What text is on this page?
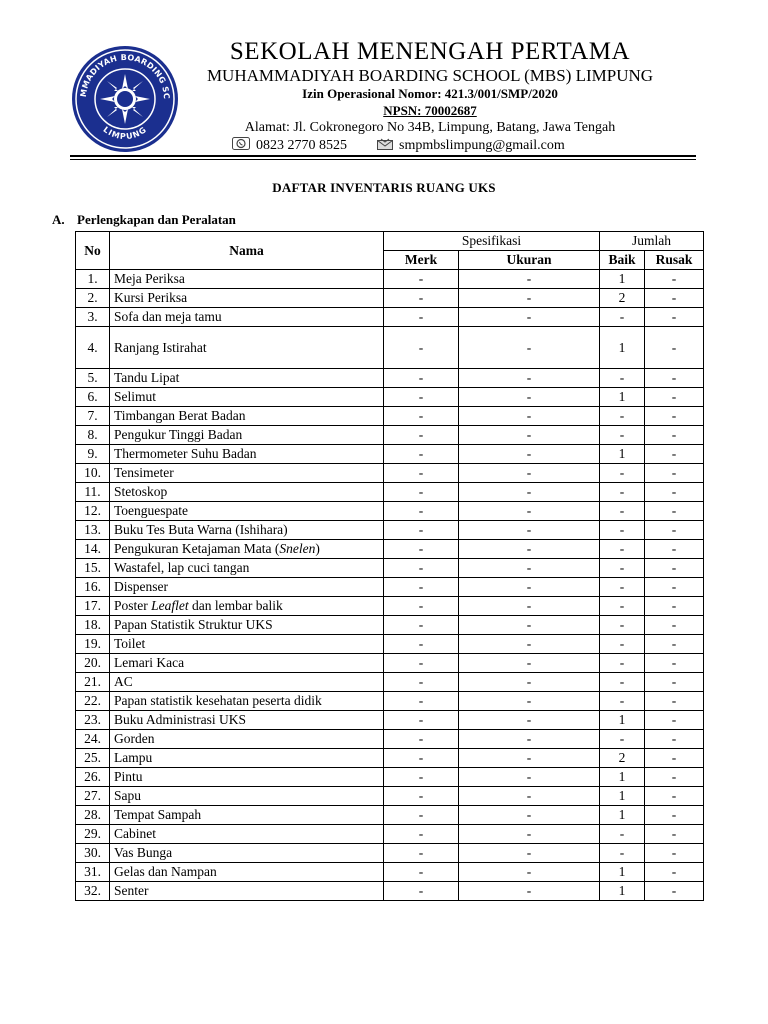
MMADIYAH BOARDING SC
LIMPUNG
SEKOLAH MENENGAH PERTAMA
MUHAMMADIYAH BOARDING SCHOOL (MBS) LIMPUNG
Izin Operasional Nomor: 421.3/001/SMP/2020
NPSN: 70002687
Alamat: Jl. Cokronegoro No 34B, Limpung, Batang, Jawa Tengah
0823 2770 8525	smpmbslimpung@gmail.com
DAFTAR INVENTARIS RUANG UKS
A. Perlengkapan dan Peralatan
No	Nama	Spesifikasi		Jumlah	
		Merk	Ukuran	Baik	Rusak
1.	Meja Periksa	-	-	1	-
2.	Kursi Periksa	-	-	2	-
3.	Sofa dan meja tamu	-	-	-	-
4.	Ranjang Istirahat	-	-	1	-
5.	Tandu Lipat	-	-	-	-
6.	Selimut	-	-	1	-
7.	Timbangan Berat Badan	-	-	-	-
8.	Pengukur Tinggi Badan	-	-	-	-
9.	Thermometer Suhu Badan	-	-	1	-
10.	Tensimeter	-	-	-	-
11.	Stetoskop	-	-	-	-
12.	Toenguespate	-	-	-	-
13.	Buku Tes Buta Warna (Ishihara)	-	-	-	-
14.	Pengukuran Ketajaman Mata (Snelen)	-	-	-	-
15.	Wastafel, lap cuci tangan	-	-	-	-
16.	Dispenser	-	-	-	-
17.	Poster Leaflet dan lembar balik	-	-	-	-
18.	Papan Statistik Struktur UKS	-	-	-	-
19.	Toilet	-	-	-	-
20.	Lemari Kaca	-	-	-	-
21.	AC	-	-	-	-
22.	Papan statistik kesehatan peserta didik	-	-	-	-
23.	Buku Administrasi UKS	-	-	1	-
24.	Gorden	-	-	-	-
25.	Lampu	-	-	2	-
26.	Pintu	-	-	1	-
27.	Sapu	-	-	1	-
28.	Tempat Sampah	-	-	1	-
29.	Cabinet	-	-	-	-
30.	Vas Bunga	-	-	-	-
31.	Gelas dan Nampan	-	-	1	-
32.	Senter	-	-	1	-
